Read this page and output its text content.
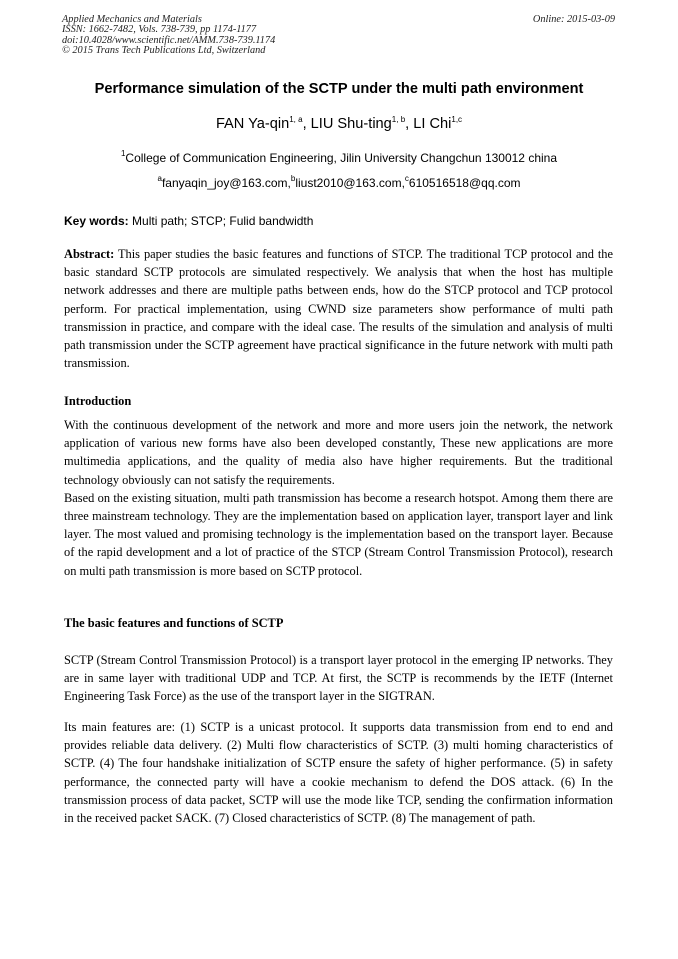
Applied Mechanics and Materials
ISSN: 1662-7482, Vols. 738-739, pp 1174-1177
doi:10.4028/www.scientific.net/AMM.738-739.1174
© 2015 Trans Tech Publications Ltd, Switzerland
Online: 2015-03-09
Performance simulation of the SCTP under the multi path environment
FAN Ya-qin$^{1, a}$, LIU Shu-ting$^{1, b}$, LI Chi$^{1,c}$
$^1$College of Communication Engineering, Jilin University Changchun 130012 china
$^a$fanyaqin_joy@163.com,$^b$liust2010@163.com,$^c$610516518@qq.com
Key words: Multi path; STCP; Fulid bandwidth

Abstract: This paper studies the basic features and functions of STCP. The traditional TCP protocol and the basic standard SCTP protocols are simulated respectively. We analysis that when the host has multiple network addresses and there are multiple paths between ends, how do the STCP protocol and TCP protocol perform. For practical implementation, using CWND size parameters show performance of multi path transmission in practice, and compare with the ideal case. The results of the simulation and analysis of multi path transmission under the SCTP agreement have practical significance in the future network with multi path transmission.

Introduction

With the continuous development of the network and more and more users join the network, the network application of various new forms have also been developed constantly, These new applications are more multimedia applications, and the quality of media also have higher requirements. But the traditional technology obviously can not satisfy the requirements.

Based on the existing situation, multi path transmission has become a research hotspot. Among them there are three mainstream technology. They are the implementation based on application layer, transport layer and link layer. The most valued and promising technology is the implementation based on the transport layer. Because of the rapid development and a lot of practice of the STCP (Stream Control Transmission Protocol), research on multi path transmission is more based on SCTP protocol.

The basic features and functions of SCTP

SCTP (Stream Control Transmission Protocol) is a transport layer protocol in the emerging IP networks. They are in same layer with traditional UDP and TCP. At first, the SCTP is recommends by the IETF (Internet Engineering Task Force) as the use of the transport layer in the SIGTRAN.

Its main features are: (1) SCTP is a unicast protocol. It supports data transmission from end to end and provides reliable data delivery. (2) Multi flow characteristics of SCTP. (3) multi homing characteristics of SCTP. (4) The four handshake initialization of SCTP ensure the safety of higher performance. (5) in safety performance, the connected party will have a cookie mechanism to defend the DOS attack. (6) In the transmission process of data packet, SCTP will use the mode like TCP, sending the confirmation information in the received packet SACK. (7) Closed characteristics of SCTP. (8) The management of path.
